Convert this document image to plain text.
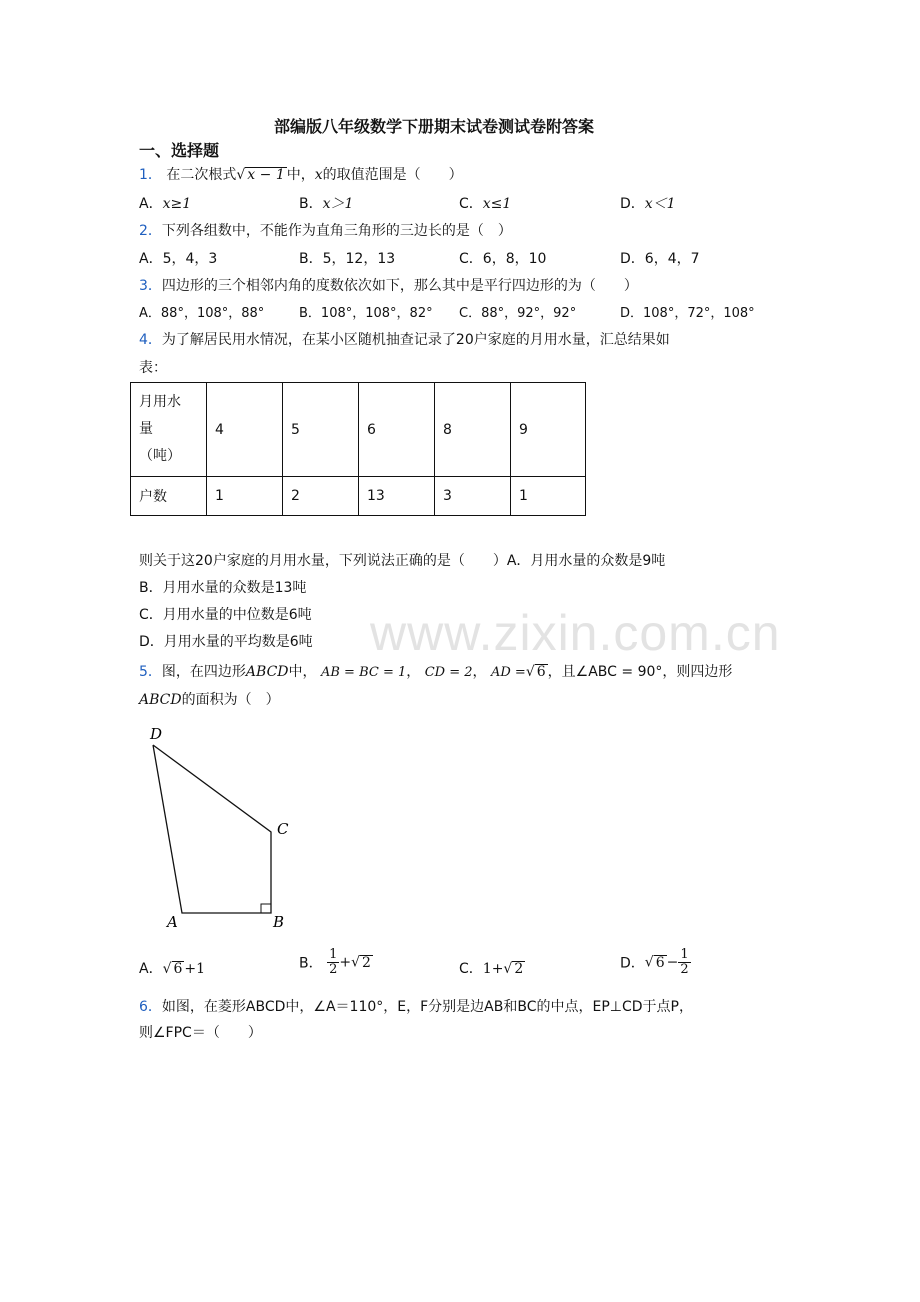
www.zixin.com.cn
部编版八年级数学下册期末试卷测试卷附答案
一、选择题
1． 在二次根式√ x − 1 中，x的取值范围是（　　）
A．x≥1	B．x＞1	C．x≤1	D．x＜1
2．下列各组数中，不能作为直角三角形的三边长的是（　）
A．5，4，3	B．5，12，13	C．6，8，10	D．6，4，7
3．四边形的三个相邻内角的度数依次如下，那么其中是平行四边形的为（　　）
A．88°，108°，88°	B．108°，108°，82° C．88°，92°，92°	D．108°，72°，108°
4．为了解居民用水情况，在某小区随机抽查记录了20户家庭的月用水量，汇总结果如
表：
月用水
量
（吨）	4	5	6	8	9
户数	1	2	13	3	1
则关于这20户家庭的月用水量，下列说法正确的是（　　）A．月用水量的众数是9吨
B．月用水量的众数是13吨
C．月用水量的中位数是6吨
D．月用水量的平均数是6吨
5．图，在四边形ABCD中， AB = BC = 1， CD = 2， AD =√ 6 ，且∠ABC = 90°，则四边形
ABCD的面积为（　）
D
C
A	B
A．√ 6 +1	B． $\frac{1}{2}$ +√ 2	C．1+√ 2	D．√ $6 - \frac{1}{2}$
6．如图，在菱形ABCD中，∠A＝110°，E，F分别是边AB和BC的中点，EP⊥CD于点P，
则∠FPC＝（　　）
